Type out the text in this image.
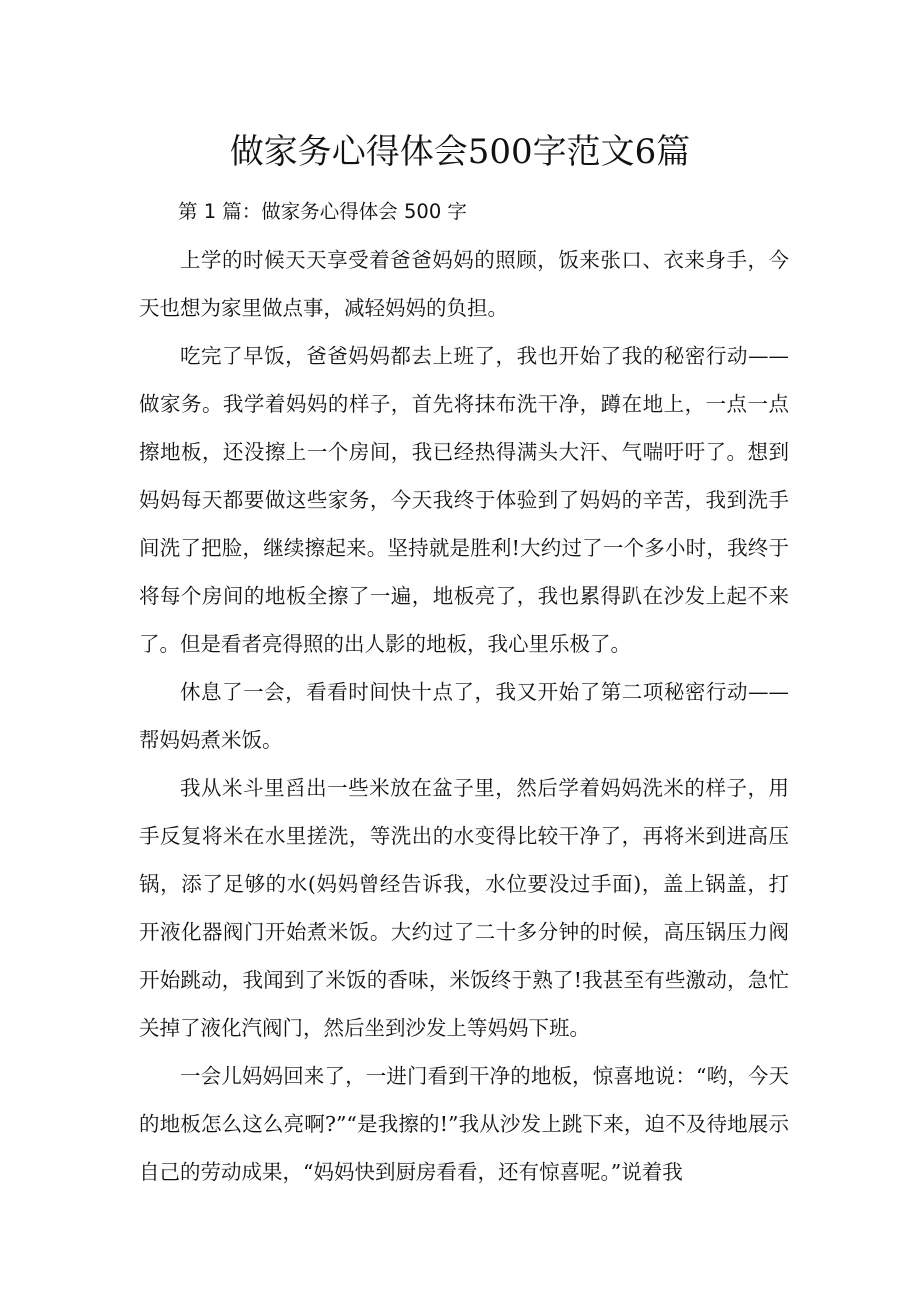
做家务心得体会500字范文6篇

第 1 篇：做家务心得体会 500 字

上学的时候天天享受着爸爸妈妈的照顾，饭来张口、衣来身手，今天也想为家里做点事，减轻妈妈的负担。

吃完了早饭，爸爸妈妈都去上班了，我也开始了我的秘密行动——做家务。我学着妈妈的样子，首先将抹布洗干净，蹲在地上，一点一点擦地板，还没擦上一个房间，我已经热得满头大汗、气喘吁吁了。想到妈妈每天都要做这些家务，今天我终于体验到了妈妈的辛苦，我到洗手间洗了把脸，继续擦起来。坚持就是胜利!大约过了一个多小时，我终于将每个房间的地板全擦了一遍，地板亮了，我也累得趴在沙发上起不来了。但是看者亮得照的出人影的地板，我心里乐极了。

休息了一会，看看时间快十点了，我又开始了第二项秘密行动——帮妈妈煮米饭。

我从米斗里舀出一些米放在盆子里，然后学着妈妈洗米的样子，用手反复将米在水里搓洗，等洗出的水变得比较干净了，再将米到进高压锅，添了足够的水(妈妈曾经告诉我，水位要没过手面)，盖上锅盖，打开液化器阀门开始煮米饭。大约过了二十多分钟的时候，高压锅压力阀开始跳动，我闻到了米饭的香味，米饭终于熟了!我甚至有些激动，急忙关掉了液化汽阀门，然后坐到沙发上等妈妈下班。

一会儿妈妈回来了，一进门看到干净的地板，惊喜地说：“哟，今天的地板怎么这么亮啊?”“是我擦的!”我从沙发上跳下来，迫不及待地展示自己的劳动成果，“妈妈快到厨房看看，还有惊喜呢。”说着我
